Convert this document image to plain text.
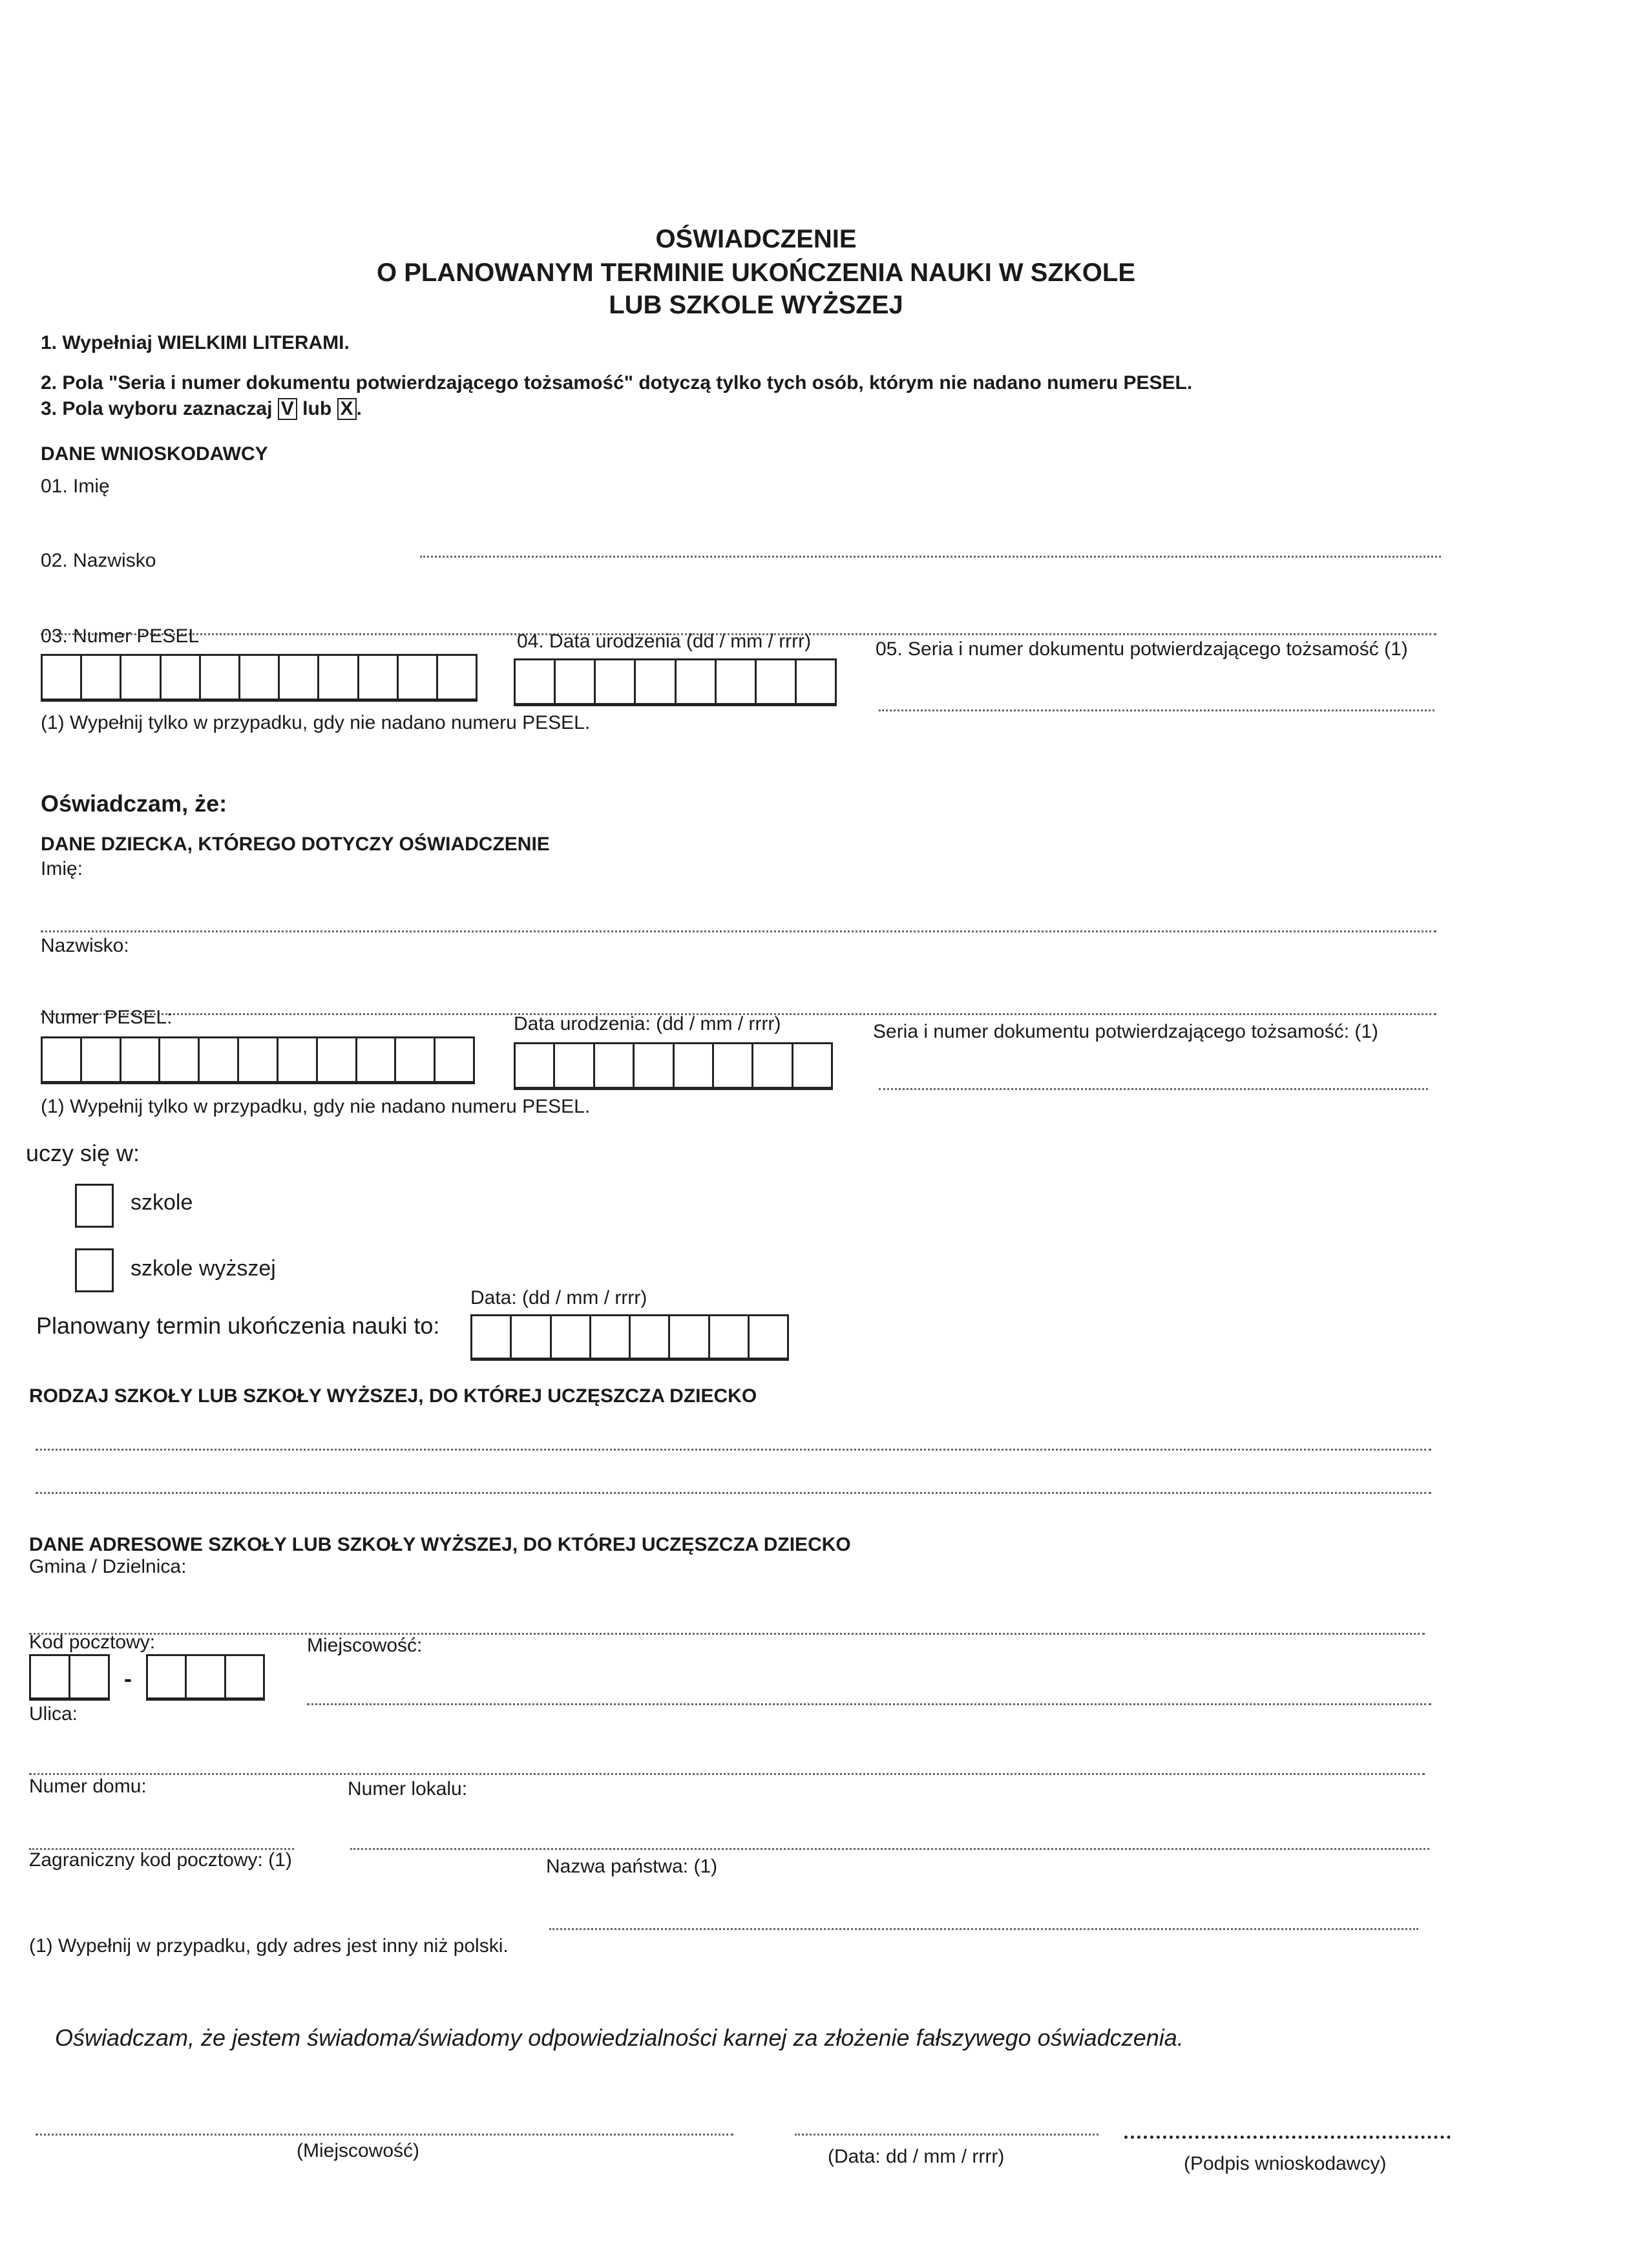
OŚWIADCZENIE
O PLANOWANYM TERMINIE UKOŃCZENIA NAUKI W SZKOLE
LUB SZKOLE WYŻSZEJ
1. Wypełniaj WIELKIMI LITERAMI.
2. Pola "Seria i numer dokumentu potwierdzającego tożsamość" dotyczą tylko tych osób, którym nie nadano numeru PESEL.
3. Pola wyboru zaznaczaj V lub X .
DANE WNIOSKODAWCY
01. Imię
02. Nazwisko
03. Numer PESEL	04. Data urodzenia (dd / mm / rrrr)	05. Seria i numer dokumentu potwierdzającego tożsamość (1)
(1) Wypełnij tylko w przypadku, gdy nie nadano numeru PESEL.
Oświadczam, że:
DANE DZIECKA, KTÓREGO DOTYCZY OŚWIADCZENIE
Imię:
Nazwisko:
Numer PESEL:	Data urodzenia: (dd / mm / rrrr)	Seria i numer dokumentu potwierdzającego tożsamość: (1)
(1) Wypełnij tylko w przypadku, gdy nie nadano numeru PESEL.
uczy się w:
szkole
szkole wyższej
Data: (dd / mm / rrrr)
Planowany termin ukończenia nauki to:
RODZAJ SZKOŁY LUB SZKOŁY WYŻSZEJ, DO KTÓREJ UCZĘSZCZA DZIECKO
DANE ADRESOWE SZKOŁY LUB SZKOŁY WYŻSZEJ, DO KTÓREJ UCZĘSZCZA DZIECKO
Gmina / Dzielnica:
Kod pocztowy:
-
Miejscowość:
Ulica:
Numer domu:	Numer lokalu:
Zagraniczny kod pocztowy: (1)	Nazwa państwa: (1)
(1) Wypełnij w przypadku, gdy adres jest inny niż polski.
Oświadczam, że jestem świadoma/świadomy odpowiedzialności karnej za złożenie fałszywego oświadczenia.
(Miejscowość)	(Data: dd / mm / rrrr)	(Podpis wnioskodawcy)
